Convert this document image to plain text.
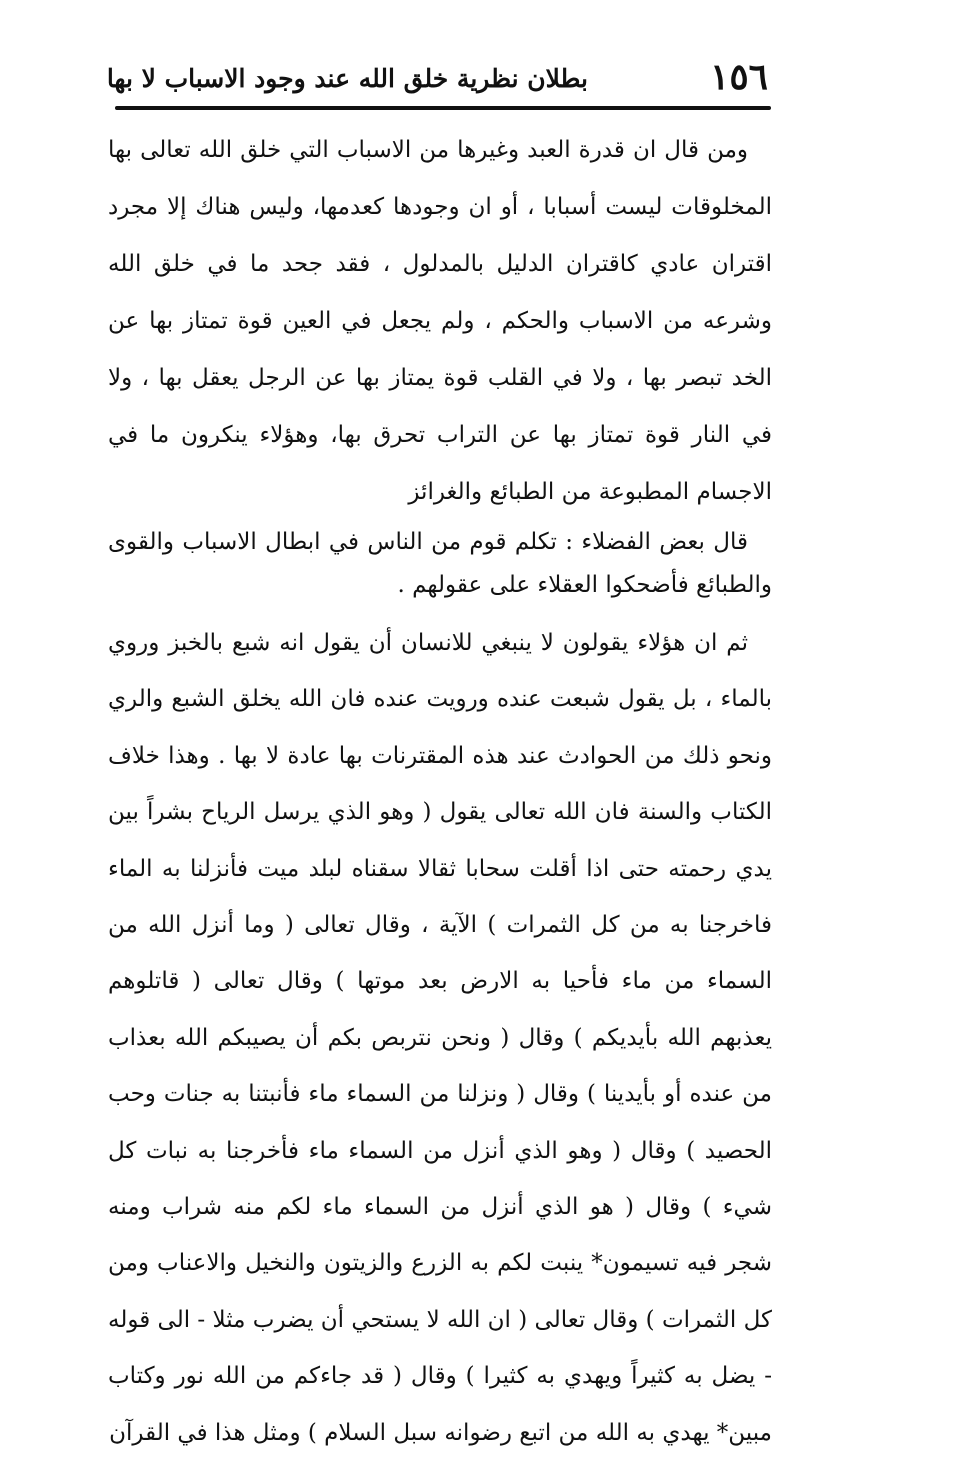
١٥٦
بطلان نظرية خلق الله عند وجود الاسباب لا بها

ومن قال ان قدرة العبد وغيرها من الاسباب التي خلق الله تعالى بها المخلوقات ليست أسبابا ، أو ان وجودها كعدمها، وليس هناك إلا مجرد اقتران عادي كاقتران الدليل بالمدلول ، فقد جحد ما في خلق الله وشرعه من الاسباب والحكم ، ولم يجعل في العين قوة تمتاز بها عن الخد تبصر بها ، ولا في القلب قوة يمتاز بها عن الرجل يعقل بها ، ولا في النار قوة تمتاز بها عن التراب تحرق بها، وهؤلاء ينكرون ما في الاجسام المطبوعة من الطبائع والغرائز

قال بعض الفضلاء : تكلم قوم من الناس في ابطال الاسباب والقوى والطبائع فأضحكوا العقلاء على عقولهم .

ثم ان هؤلاء يقولون لا ينبغي للانسان أن يقول انه شبع بالخبز وروي بالماء ، بل يقول شبعت عنده ورويت عنده فان الله يخلق الشبع والري ونحو ذلك من الحوادث عند هذه المقترنات بها عادة لا بها . وهذا خلاف الكتاب والسنة فان الله تعالى يقول ( وهو الذي يرسل الرياح بشراً بين يدي رحمته حتى اذا أقلت سحابا ثقالا سقناه لبلد ميت فأنزلنا به الماء فاخرجنا به من كل الثمرات ) الآية ، وقال تعالى ( وما أنزل الله من السماء من ماء فأحيا به الارض بعد موتها ) وقال تعالى ( قاتلوهم يعذبهم الله بأيديكم ) وقال ( ونحن نتربص بكم أن يصيبكم الله بعذاب من عنده أو بأيدينا ) وقال ( ونزلنا من السماء ماء فأنبتنا به جنات وحب الحصيد ) وقال ( وهو الذي أنزل من السماء ماء فأخرجنا به نبات كل شيء ) وقال ( هو الذي أنزل من السماء ماء لكم منه شراب ومنه شجر فيه تسيمون* ينبت لكم به الزرع والزيتون والنخيل والاعناب ومن كل الثمرات ) وقال تعالى ( ان الله لا يستحي أن يضرب مثلا - الى قوله - يضل به كثيراً ويهدي به كثيرا ) وقال ( قد جاءكم من الله نور وكتاب مبين* يهدي به الله من اتبع رضوانه سبل السلام ) ومثل هذا في القرآن
